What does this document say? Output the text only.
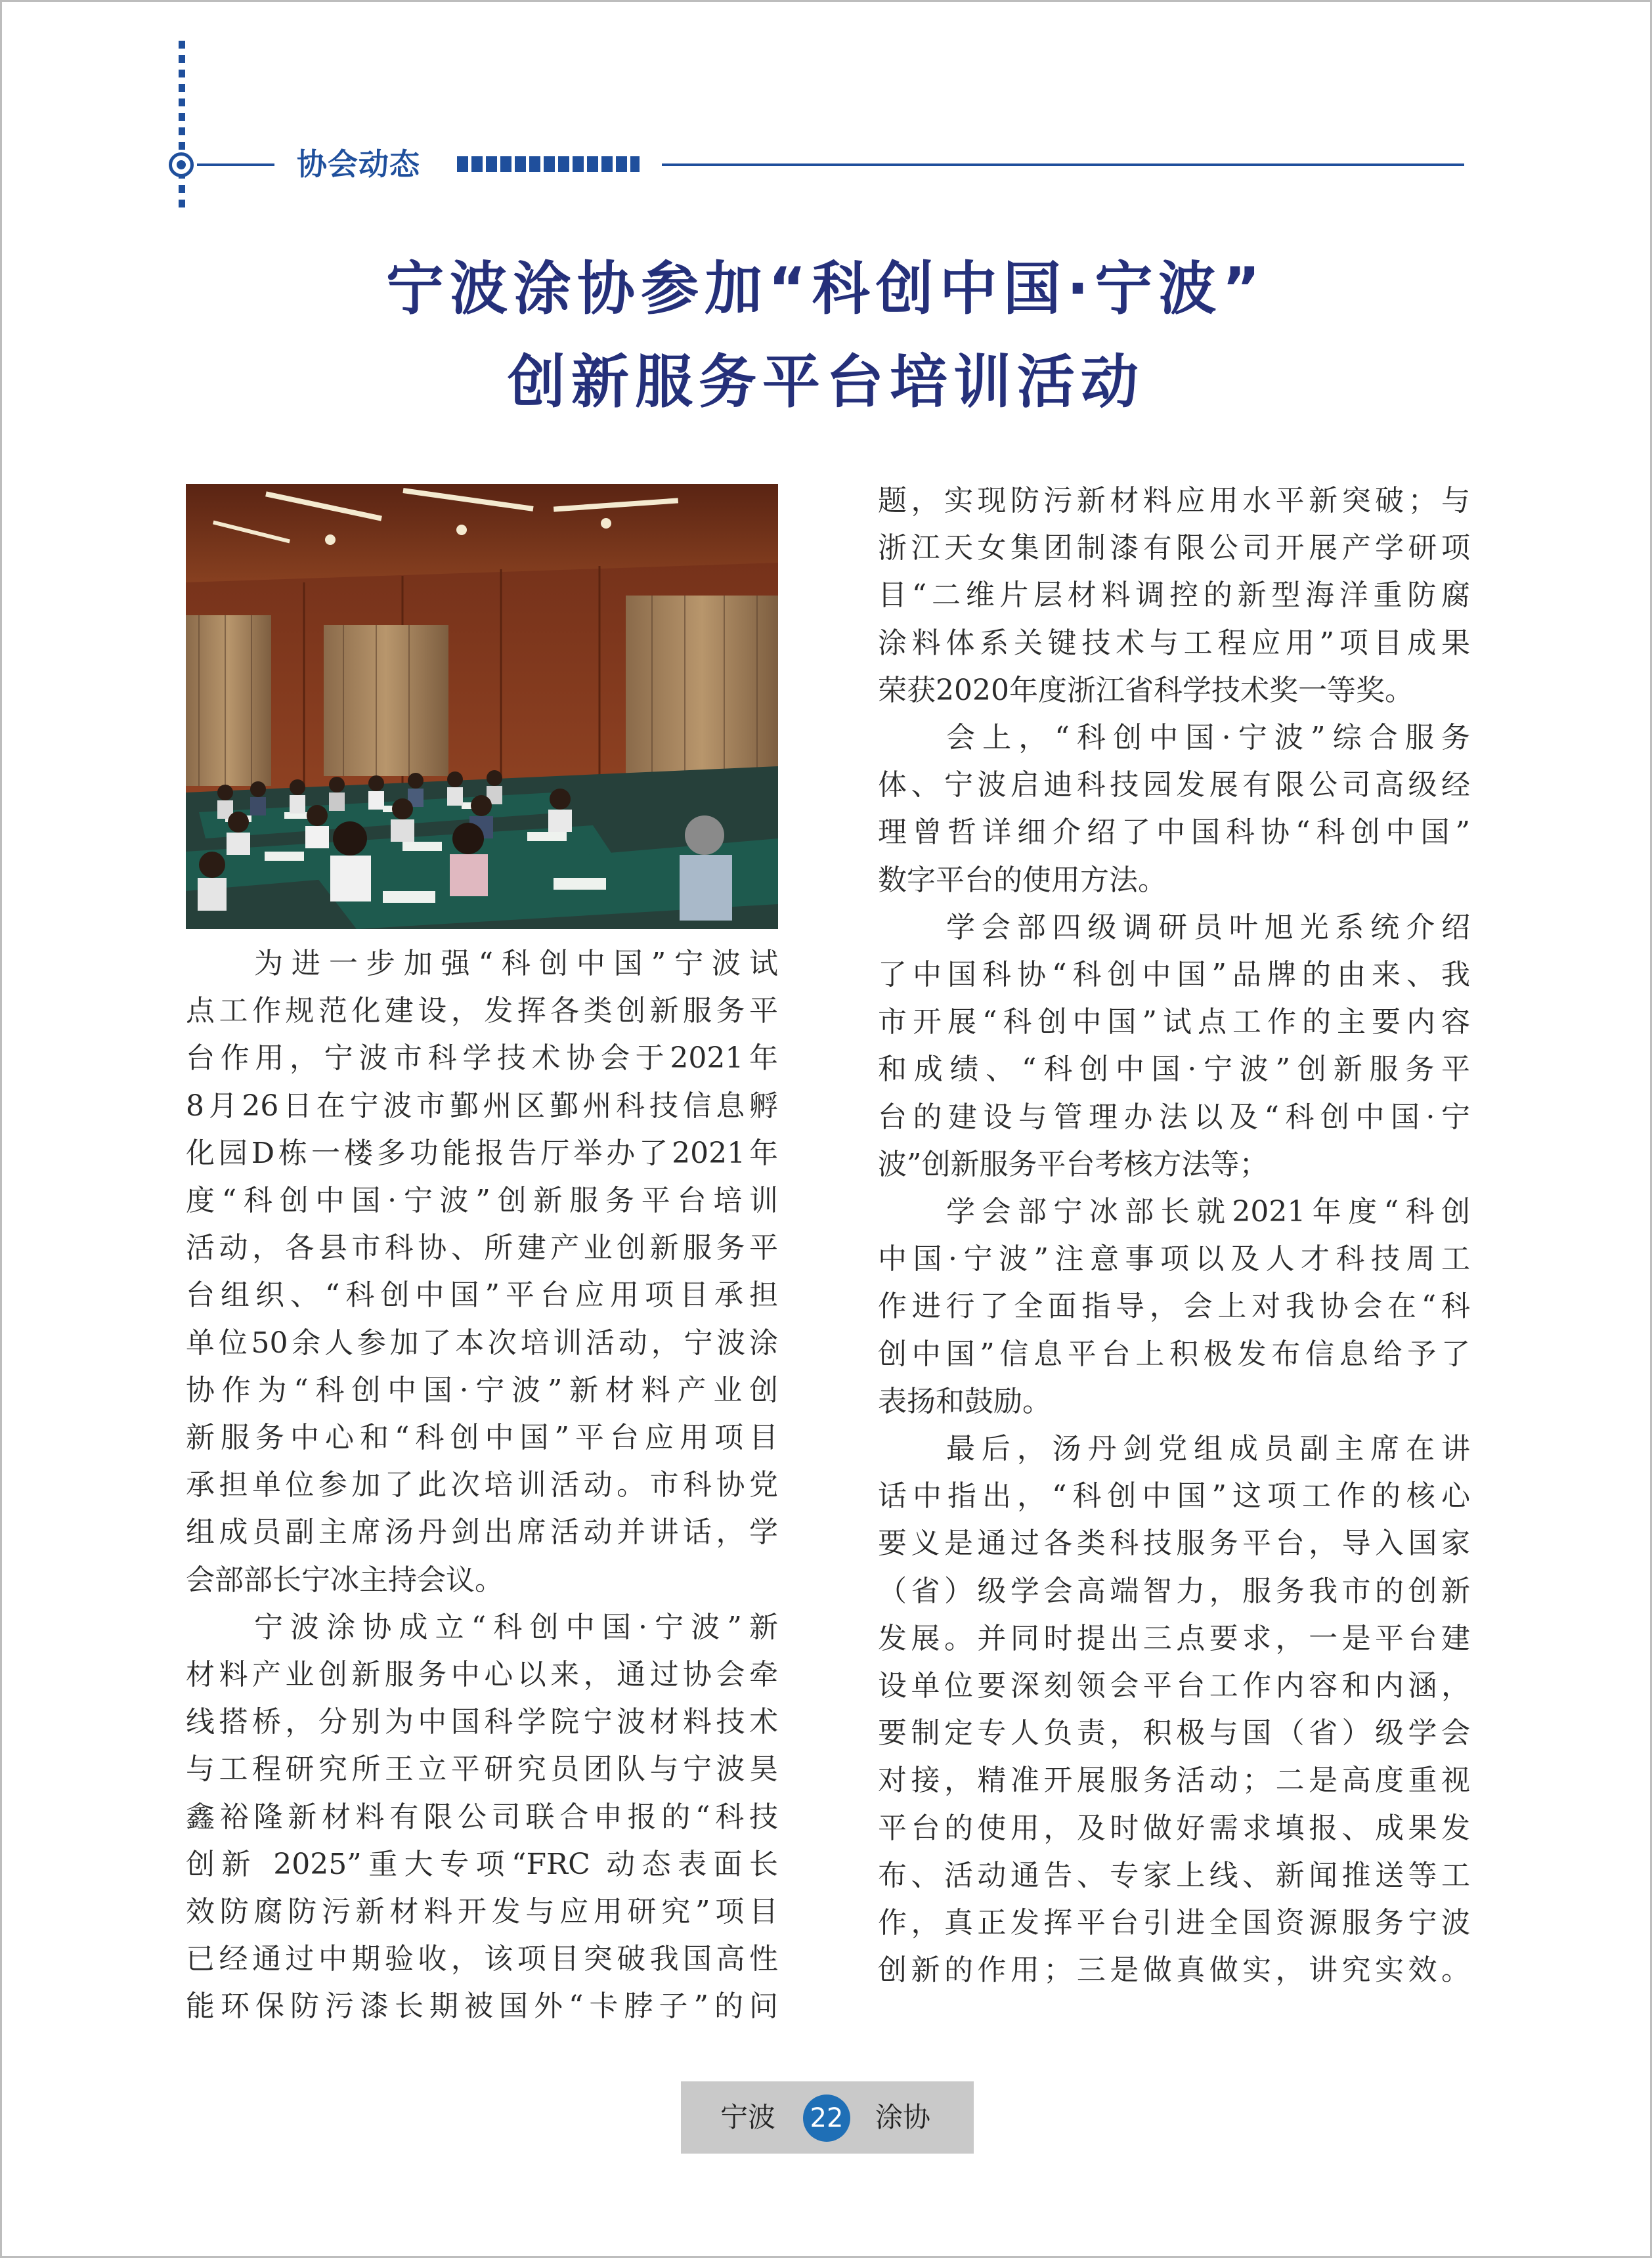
协会动态
宁波涂协参加“科创中国·宁波”
创新服务平台培训活动

为进一步加强“科创中国”宁波试

点工作规范化建设，发挥各类创新服务平

台作用，宁波市科学技术协会于2021年

8月26日在宁波市鄞州区鄞州科技信息孵

化园D栋一楼多功能报告厅举办了2021年

度“科创中国·宁波”创新服务平台培训

活动，各县市科协、所建产业创新服务平

台组织、“科创中国”平台应用项目承担

单位50余人参加了本次培训活动，宁波涂

协作为“科创中国·宁波”新材料产业创

新服务中心和“科创中国”平台应用项目

承担单位参加了此次培训活动。市科协党

组成员副主席汤丹剑出席活动并讲话，学

会部部长宁冰主持会议。

宁波涂协成立“科创中国·宁波”新

材料产业创新服务中心以来，通过协会牵

线搭桥，分别为中国科学院宁波材料技术

与工程研究所王立平研究员团队与宁波昊

鑫裕隆新材料有限公司联合申报的“科技

创新 2025”重大专项“FRC 动态表面长

效防腐防污新材料开发与应用研究”项目

已经通过中期验收，该项目突破我国高性

能环保防污漆长期被国外“卡脖子”的问

题，实现防污新材料应用水平新突破；与

浙江天女集团制漆有限公司开展产学研项

目“二维片层材料调控的新型海洋重防腐

涂料体系关键技术与工程应用”项目成果

荣获2020年度浙江省科学技术奖一等奖。

会上，“科创中国·宁波”综合服务

体、宁波启迪科技园发展有限公司高级经

理曾哲详细介绍了中国科协“科创中国”

数字平台的使用方法。

学会部四级调研员叶旭光系统介绍

了中国科协“科创中国”品牌的由来、我

市开展“科创中国”试点工作的主要内容

和成绩、“科创中国·宁波”创新服务平

台的建设与管理办法以及“科创中国·宁

波”创新服务平台考核方法等；

学会部宁冰部长就2021年度“科创

中国·宁波”注意事项以及人才科技周工

作进行了全面指导，会上对我协会在“科

创中国”信息平台上积极发布信息给予了

表扬和鼓励。

最后，汤丹剑党组成员副主席在讲

话中指出，“科创中国”这项工作的核心

要义是通过各类科技服务平台，导入国家

（省）级学会高端智力，服务我市的创新

发展。并同时提出三点要求，一是平台建

设单位要深刻领会平台工作内容和内涵，

要制定专人负责，积极与国（省）级学会

对接，精准开展服务活动；二是高度重视

平台的使用，及时做好需求填报、成果发

布、活动通告、专家上线、新闻推送等工

作，真正发挥平台引进全国资源服务宁波

创新的作用；三是做真做实，讲究实效。

宁波 22 涂协
